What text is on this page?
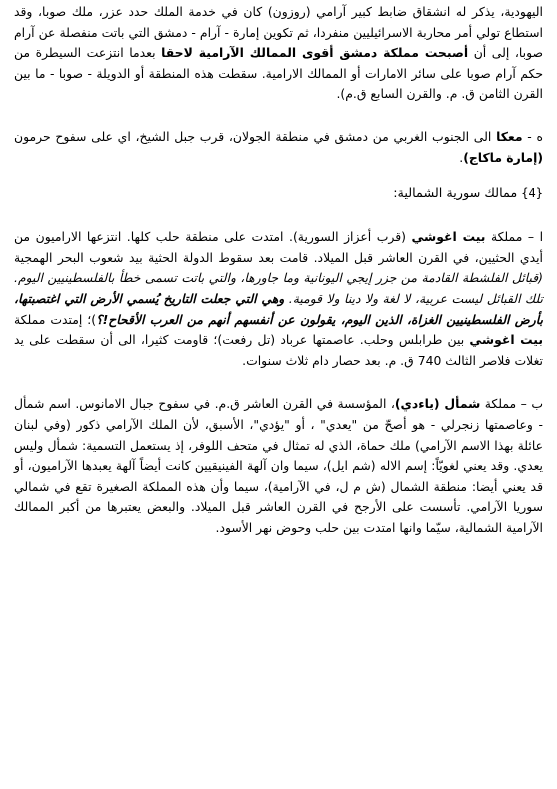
اليهودية، يذكر له انشقاق ضابط كبير آرامي (روزون) كان في خدمة الملك حدد عزر، ملك صوبا، وقد استطاع تولي أمر محاربة الاسرائيليين منفردا، ثم تكوين إمارة - آرام - دمشق التي باتت منفصلة عن آرام صوبا، إلى أن أصبحت مملكة دمشق أقوى الممالك الآرامية لاحقا بعدما انتزعت السيطرة من حكم آرام صوبا على سائر الامارات أو الممالك الارامية. سقطت هذه المنطقة أو الدويلة - صوبا - ما بين القرن الثامن ق. م. والقرن السابع ق.م).

ه - معكا الى الجنوب الغربي من دمشق في منطقة الجولان، قرب جبل الشيخ، اي على سفوح حرمون (إمارة ماكاج).

{4} ممالك سورية الشمالية:

ا – مملكة بيت اغوشي (قرب أعزاز السورية). امتدت على منطقة حلب كلها. انتزعها الاراميون من أيدي الحثيين، في القرن العاشر قبل الميلاد. قامت بعد سقوط الدولة الحثية بيد شعوب البحر الهمجية (قبائل الفلشطة القادمة من جزر إيجي اليونانية وما جاورها، والتي باتت تسمى خطأ بالفلسطينيين اليوم. تلك القبائل ليست عربية، لا لغة ولا دينا ولا قومية. وهي التي جعلت التاريخ يُسمي الأرض التي اغتصبتها، بأرض الفلسطينيين الغزاة، الذين اليوم، يقولون عن أنفسهم أنهم من العرب الأقحاح!؟)؛ إمتدت مملكة بيت اغوشي بين طرابلس وحلب. عاصمتها عرباد (تل رفعت)؛ قاومت كثيرا، الى أن سقطت على يد تغلات فلاصر الثالث 740 ق. م. بعد حصار دام ثلاث سنوات.

ب – مملكة شمأل (ياءدي)، المؤسسة في القرن العاشر ق.م. في سفوح جبال الامانوس. اسم شمأل - وعاصمتها زنجرلي - هو أصحّ من "يعدي" ، أو "يؤدي"، الأسبق، لأن الملك الآرامي ذكور (وفي لبنان عائلة بهذا الاسم الآرامي) ملك حماة، الذي له تمثال في متحف اللوفر، إذ يستعمل التسمية: شمأل وليس يعدي. وقد يعني لغويّاً: إسم الاله (شم ايل)، سيما وان آلهة الفينيقيين كانت أيضاً آلهة يعبدها الآراميون، أو قد يعني أيضا: منطقة الشمال (ش م ل، في الآرامية)، سيما وأن هذه المملكة الصغيرة تقع في شمالي سوريا الآرامي. تأسست على الأرجح في القرن العاشر قبل الميلاد. والبعض يعتبرها من أكبر الممالك الآرامية الشمالية، سيّما وانها امتدت بين حلب وحوض نهر الأسود.
